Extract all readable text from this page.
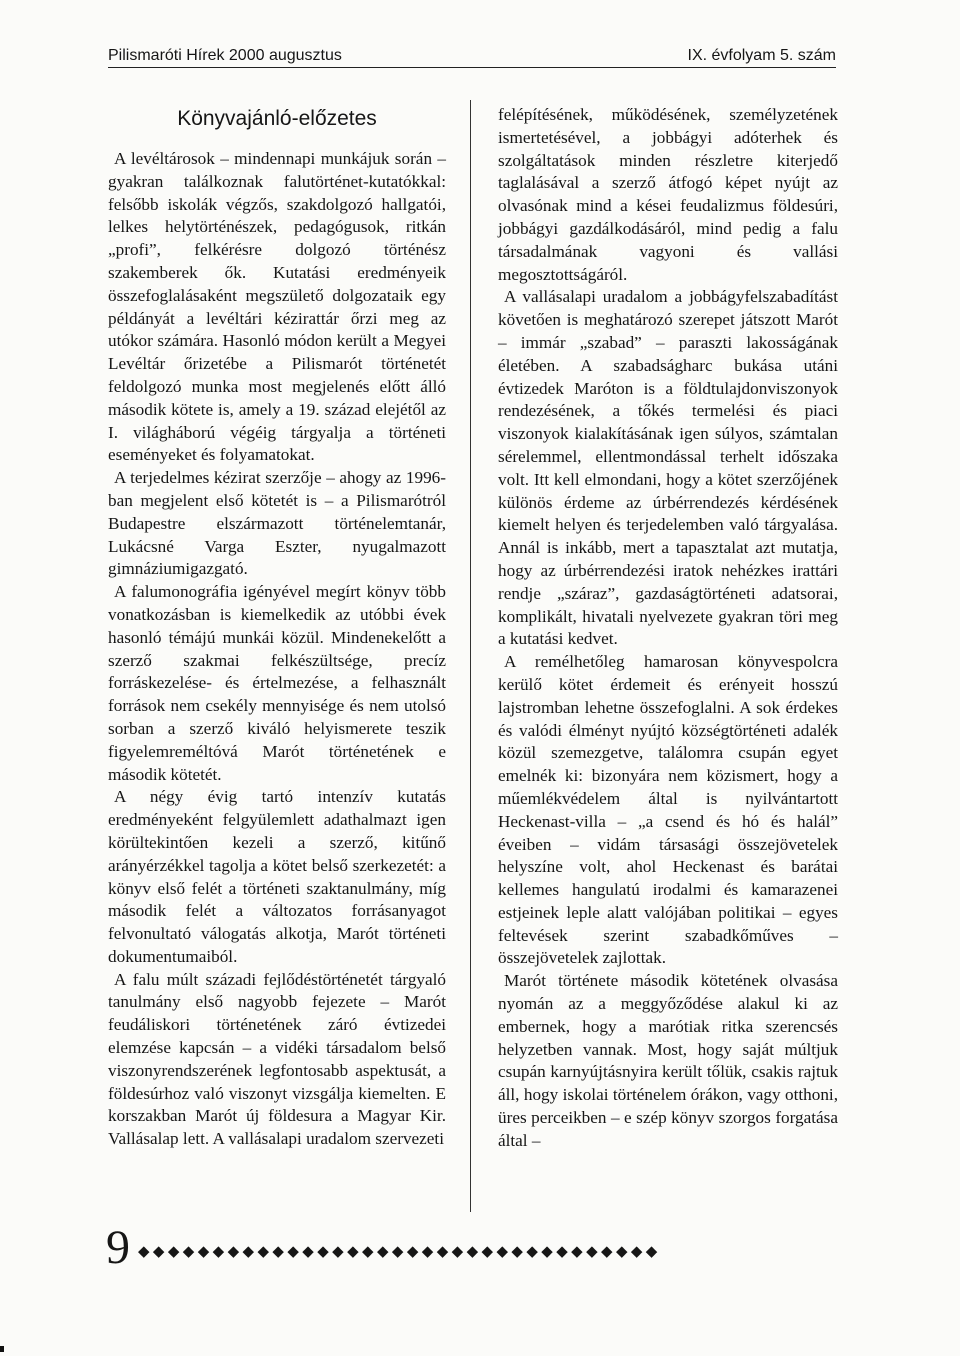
Pilismaróti Hírek 2000 augusztus	IX. évfolyam 5. szám
Könyvajánló-előzetes

A levéltárosok – mindennapi munkájuk során – gyakran találkoznak falutörténet-kutatókkal: felsőbb iskolák végzős, szakdolgozó hallgatói, lelkes helytörténészek, pedagógusok, ritkán „profi”, felkérésre dolgozó történész szakemberek ők. Kutatási eredményeik összefoglalásaként megszülető dolgozataik egy példányát a levéltári kézirattár őrzi meg az utókor számára. Hasonló módon került a Megyei Levéltár őrizetébe a Pilismarót történetét feldolgozó munka most megjelenés előtt álló második kötete is, amely a 19. század elejétől az I. világháború végéig tárgyalja a történeti eseményeket és folyamatokat.

A terjedelmes kézirat szerzője – ahogy az 1996-ban megjelent első kötetét is – a Pilismarótról Budapestre elszármazott történelemtanár, Lukácsné Varga Eszter, nyugalmazott gimnáziumigazgató.

A falumonográfia igényével megírt könyv több vonatkozásban is kiemelkedik az utóbbi évek hasonló témájú munkái közül. Mindenekelőtt a szerző szakmai felkészültsége, precíz forráskezelése- és értelmezése, a felhasznált források nem csekély mennyisége és nem utolsó sorban a szerző kiváló helyismerete teszik figyelemreméltóvá Marót történetének e második kötetét.

A négy évig tartó intenzív kutatás eredményeként felgyülemlett adathalmazt igen körültekintően kezeli a szerző, kitűnő arányérzékkel tagolja a kötet belső szerkezetét: a könyv első felét a történeti szaktanulmány, míg második felét a változatos forrásanyagot felvonultató válogatás alkotja, Marót történeti dokumentumaiból.

A falu múlt századi fejlődéstörténetét tárgyaló tanulmány első nagyobb fejezete – Marót feudáliskori történetének záró évtizedei elemzése kapcsán – a vidéki társadalom belső viszonyrendszerének legfontosabb aspektusát, a földesúrhoz való viszonyt vizsgálja kiemelten. E korszakban Marót új földesura a Magyar Kir. Vallásalap lett. A vallásalapi uradalom szervezeti

felépítésének, működésének, személyzetének ismertetésével, a jobbágyi adóterhek és szolgáltatások minden részletre kiterjedő taglalásával a szerző átfogó képet nyújt az olvasónak mind a kései feudalizmus földesúri, jobbágyi gazdálkodásáról, mind pedig a falu társadalmának vagyoni és vallási megosztottságáról.

A vallásalapi uradalom a jobbágyfelszabadítást követően is meghatározó szerepet játszott Marót – immár „szabad” – paraszti lakosságának életében. A szabadságharc bukása utáni évtizedek Maróton is a földtulajdonviszonyok rendezésének, a tőkés termelési és piaci viszonyok kialakításának igen súlyos, számtalan sérelemmel, ellentmondással terhelt időszaka volt. Itt kell elmondani, hogy a kötet szerzőjének különös érdeme az úrbérrendezés kérdésének kiemelt helyen és terjedelemben való tárgyalása. Annál is inkább, mert a tapasztalat azt mutatja, hogy az úrbérrendezési iratok nehézkes irattári rendje „száraz”, gazdaságtörténeti adatsorai, komplikált, hivatali nyelvezete gyakran töri meg a kutatási kedvet.

A remélhetőleg hamarosan könyvespolcra kerülő kötet érdemeit és erényeit hosszú lajstromban lehetne összefoglalni. A sok érdekes és valódi élményt nyújtó községtörténeti adalék közül szemezgetve, találomra csupán egyet emelnék ki: bizonyára nem közismert, hogy a műemlékvédelem által is nyilvántartott Heckenast-villa – „a csend és hó és halál” éveiben – vidám társasági összejövetelek helyszíne volt, ahol Heckenast és barátai kellemes hangulatú irodalmi és kamarazenei estjeinek leple alatt valójában politikai – egyes feltevések szerint szabadkőműves – összejövetelek zajlottak.

Marót története második kötetének olvasása nyomán az a meggyőződése alakul ki az embernek, hogy a marótiak ritka szerencsés helyzetben vannak. Most, hogy saját múltjuk csupán karnyújtásnyira került tőlük, csakis rajtuk áll, hogy iskolai történelem órákon, vagy otthoni, üres perceikben – e szép könyv szorgos forgatása által –

9 ◆◆◆◆◆◆◆◆◆◆◆◆◆◆◆◆◆◆◆◆◆◆◆◆◆◆◆◆◆◆◆◆◆◆◆
